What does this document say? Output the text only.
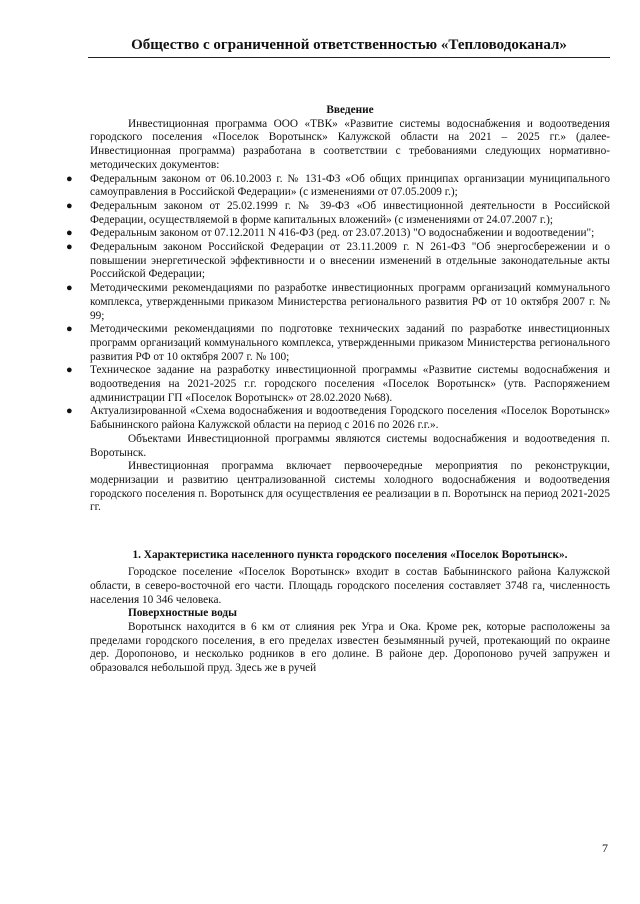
Общество с ограниченной ответственностью «Тепловодоканал»
Введение

Инвестиционная программа ООО «ТВК» «Развитие системы водоснабжения и водоотведения городского поселения «Поселок Воротынск» Калужской области на 2021 – 2025 гг.» (далее- Инвестиционная программа) разработана в соответствии с требованиями следующих нормативно-методических документов:

● Федеральным законом от 06.10.2003 г. № 131-ФЗ «Об общих принципах организации муниципального самоуправления в Российской Федерации» (с изменениями от 07.05.2009 г.);
● Федеральным законом от 25.02.1999 г. № 39-ФЗ «Об инвестиционной деятельности в Российской Федерации, осуществляемой в форме капитальных вложений» (с изменениями от 24.07.2007 г.);
● Федеральным законом от 07.12.2011 N 416-ФЗ (ред. от 23.07.2013) "О водоснабжении и водоотведении";
● Федеральным законом Российской Федерации от 23.11.2009 г. N 261-ФЗ "Об энергосбережении и о повышении энергетической эффективности и о внесении изменений в отдельные законодательные акты Российской Федерации;
● Методическими рекомендациями по разработке инвестиционных программ организаций коммунального комплекса, утвержденными приказом Министерства регионального развития РФ от 10 октября 2007 г. № 99;
● Методическими рекомендациями по подготовке технических заданий по разработке инвестиционных программ организаций коммунального комплекса, утвержденными приказом Министерства регионального развития РФ от 10 октября 2007 г. № 100;
● Техническое задание на разработку инвестиционной программы «Развитие системы водоснабжения и водоотведения на 2021-2025 г.г. городского поселения «Поселок Воротынск» (утв. Распоряжением администрации ГП «Поселок Воротынск» от 28.02.2020 №68).
● Актуализированной «Схема водоснабжения и водоотведения Городского поселения «Поселок Воротынск» Бабынинского района Калужской области на период с 2016 по 2026 г.г.».

Объектами Инвестиционной программы являются системы водоснабжения и водоотведения п. Воротынск.

Инвестиционная программа включает первоочередные мероприятия по реконструкции, модернизации и развитию централизованной системы холодного водоснабжения и водоотведения городского поселения п. Воротынск для осуществления ее реализации в п. Воротынск на период 2021-2025 гг.

1. Характеристика населенного пункта городского поселения «Поселок Воротынск».

Городское поселение «Поселок Воротынск» входит в состав Бабынинского района Калужской области, в северо-восточной его части. Площадь городского поселения составляет 3748 га, численность населения 10 346 человека.

Поверхностные воды

Воротынск находится в 6 км от слияния рек Угра и Ока. Кроме рек, которые расположены за пределами городского поселения, в его пределах известен безымянный ручей, протекающий по окраине дер. Доропоново, и несколько родников в его долине. В районе дер. Доропоново ручей запружен и образовался небольшой пруд. Здесь же в ручей

7
